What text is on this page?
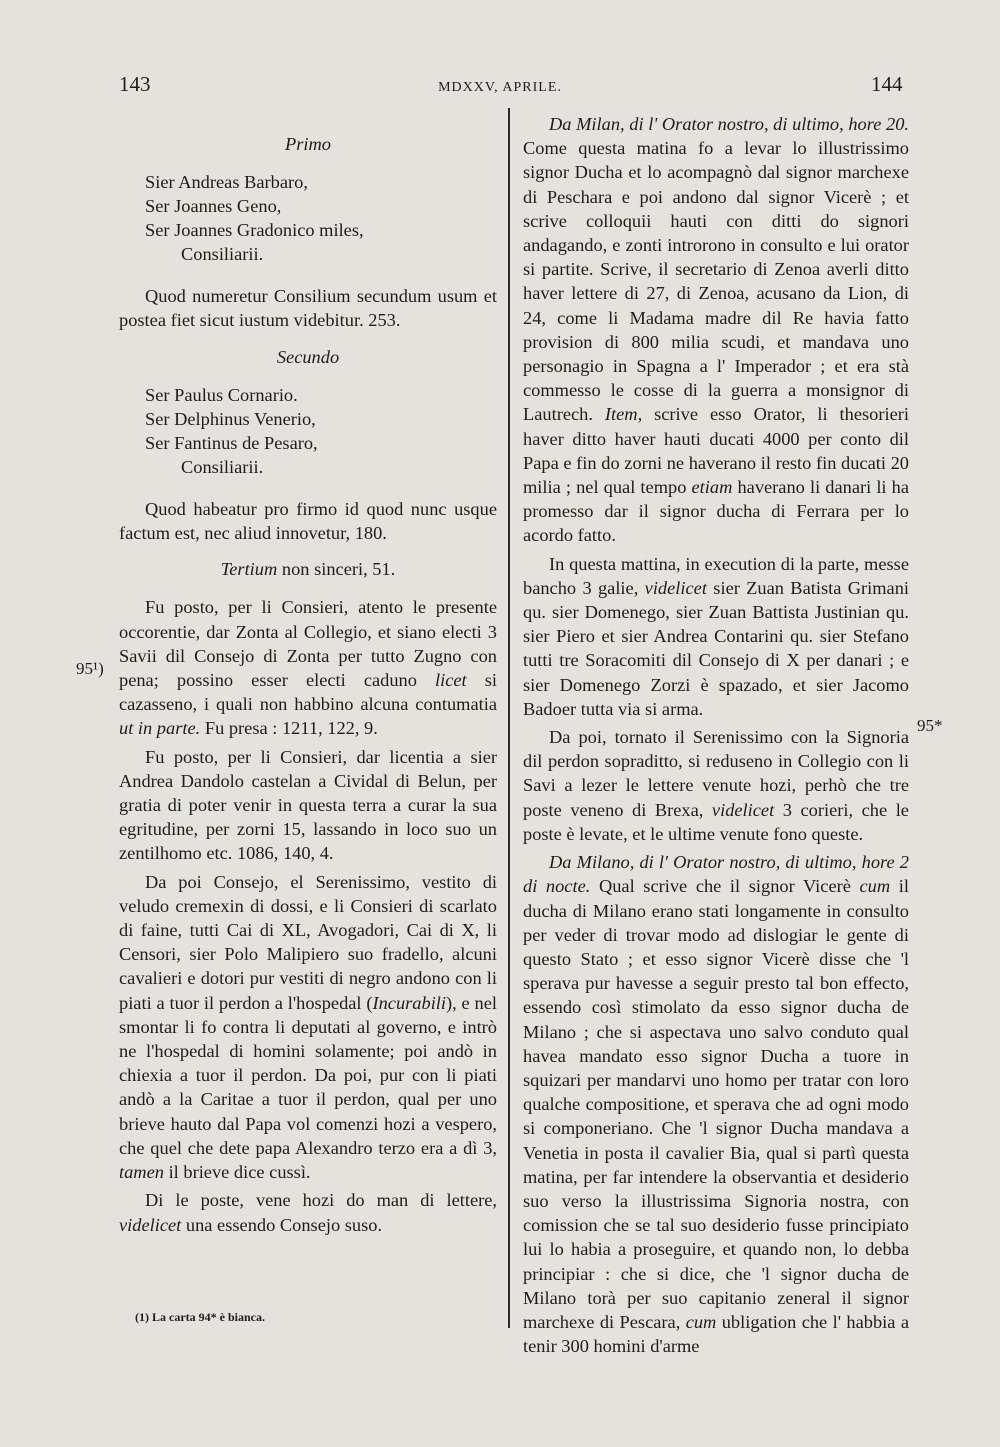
143	MDXXV, APRILE.	144
Primo
Sier Andreas Barbaro,
Ser Joannes Geno,
Ser Joannes Gradonico miles,
Consiliarii.

Quod numeretur Consilium secundum usum et postea fiet sicut iustum videbitur. 253.

Secundo
Ser Paulus Cornario.
Ser Delphinus Venerio,
Ser Fantinus de Pesaro,
Consiliarii.

Quod habeatur pro firmo id quod nunc usque factum est, nec aliud innovetur, 180.

Tertium non sinceri, 51.

Fu posto, per li Consieri, atento le presente occorentie, dar Zonta al Collegio, et siano electi 3 Savii dil Consejo di Zonta per tutto Zugno con pena; possino esser electi caduno licet si cazasseno, i quali non habbino alcuna contumatia ut in parte. Fu presa : 1211, 122, 9.

Fu posto, per li Consieri, dar licentia a sier Andrea Dandolo castelan a Cividal di Belun, per gratia di poter venir in questa terra a curar la sua egritudine, per zorni 15, lassando in loco suo un zentilhomo etc. 1086, 140, 4.

Da poi Consejo, el Serenissimo, vestito di veludo cremexin di dossi, e li Consieri di scarlato di faine, tutti Cai di XL, Avogadori, Cai di X, li Censori, sier Polo Malipiero suo fradello, alcuni cavalieri e dotori pur vestiti di negro andono con li piati a tuor il perdon a l'hospedal (Incurabili), e nel smontar li fo contra li deputati al governo, e intrò ne l'hospedal di homini solamente; poi andò in chiexia a tuor il perdon. Da poi, pur con li piati andò a la Caritae a tuor il perdon, qual per uno brieve hauto dal Papa vol comenzi hozi a vespero, che quel che dete papa Alexandro terzo era a dì 3, tamen il brieve dice cussì.

Di le poste, vene hozi do man di lettere, videlicet una essendo Consejo suso.

95¹)
95*

Da Milan, di l' Orator nostro, di ultimo, hore 20. Come questa matina fo a levar lo illustrissimo signor Ducha et lo acompagnò dal signor marchexe di Peschara e poi andono dal signor Vicerè ; et scrive colloquii hauti con ditti do signori andagando, e zonti introrono in consulto e lui orator si partite. Scrive, il secretario di Zenoa averli ditto haver lettere di 27, di Zenoa, acusano da Lion, di 24, come li Madama madre dil Re havia fatto provision di 800 milia scudi, et mandava uno personagio in Spagna a l' Imperador ; et era stà commesso le cosse di la guerra a monsignor di Lautrech. Item, scrive esso Orator, li thesorieri haver ditto haver hauti ducati 4000 per conto dil Papa e fin do zorni ne haverano il resto fin ducati 20 milia ; nel qual tempo etiam haverano li danari li ha promesso dar il signor ducha di Ferrara per lo acordo fatto.

In questa mattina, in execution di la parte, messe bancho 3 galie, videlicet sier Zuan Batista Grimani qu. sier Domenego, sier Zuan Battista Justinian qu. sier Piero et sier Andrea Contarini qu. sier Stefano tutti tre Soracomiti dil Consejo di X per danari ; e sier Domenego Zorzi è spazado, et sier Jacomo Badoer tutta via si arma.

Da poi, tornato il Serenissimo con la Signoria dil perdon sopraditto, si reduseno in Collegio con li Savi a lezer le lettere venute hozi, perhò che tre poste veneno di Brexa, videlicet 3 corieri, che le poste è levate, et le ultime venute fono queste.

Da Milano, di l' Orator nostro, di ultimo, hore 2 di nocte. Qual scrive che il signor Vicerè cum il ducha di Milano erano stati longamente in consulto per veder di trovar modo ad dislogiar le gente di questo Stato ; et esso signor Vicerè disse che 'l sperava pur havesse a seguir presto tal bon effecto, essendo così stimolato da esso signor ducha de Milano ; che si aspectava uno salvo conduto qual havea mandato esso signor Ducha a tuore in squizari per mandarvi uno homo per tratar con loro qualche compositione, et sperava che ad ogni modo si componeriano. Che 'l signor Ducha mandava a Venetia in posta il cavalier Bia, qual si partì questa matina, per far intendere la observantia et desiderio suo verso la illustrissima Signoria nostra, con comission che se tal suo desiderio fusse principiato lui lo habia a proseguire, et quando non, lo debba principiar : che si dice, che 'l signor ducha de Milano torà per suo capitanio zeneral il signor marchexe di Pescara, cum ubligation che l' habbia a tenir 300 homini d'arme

(1) La carta 94* è bianca.
